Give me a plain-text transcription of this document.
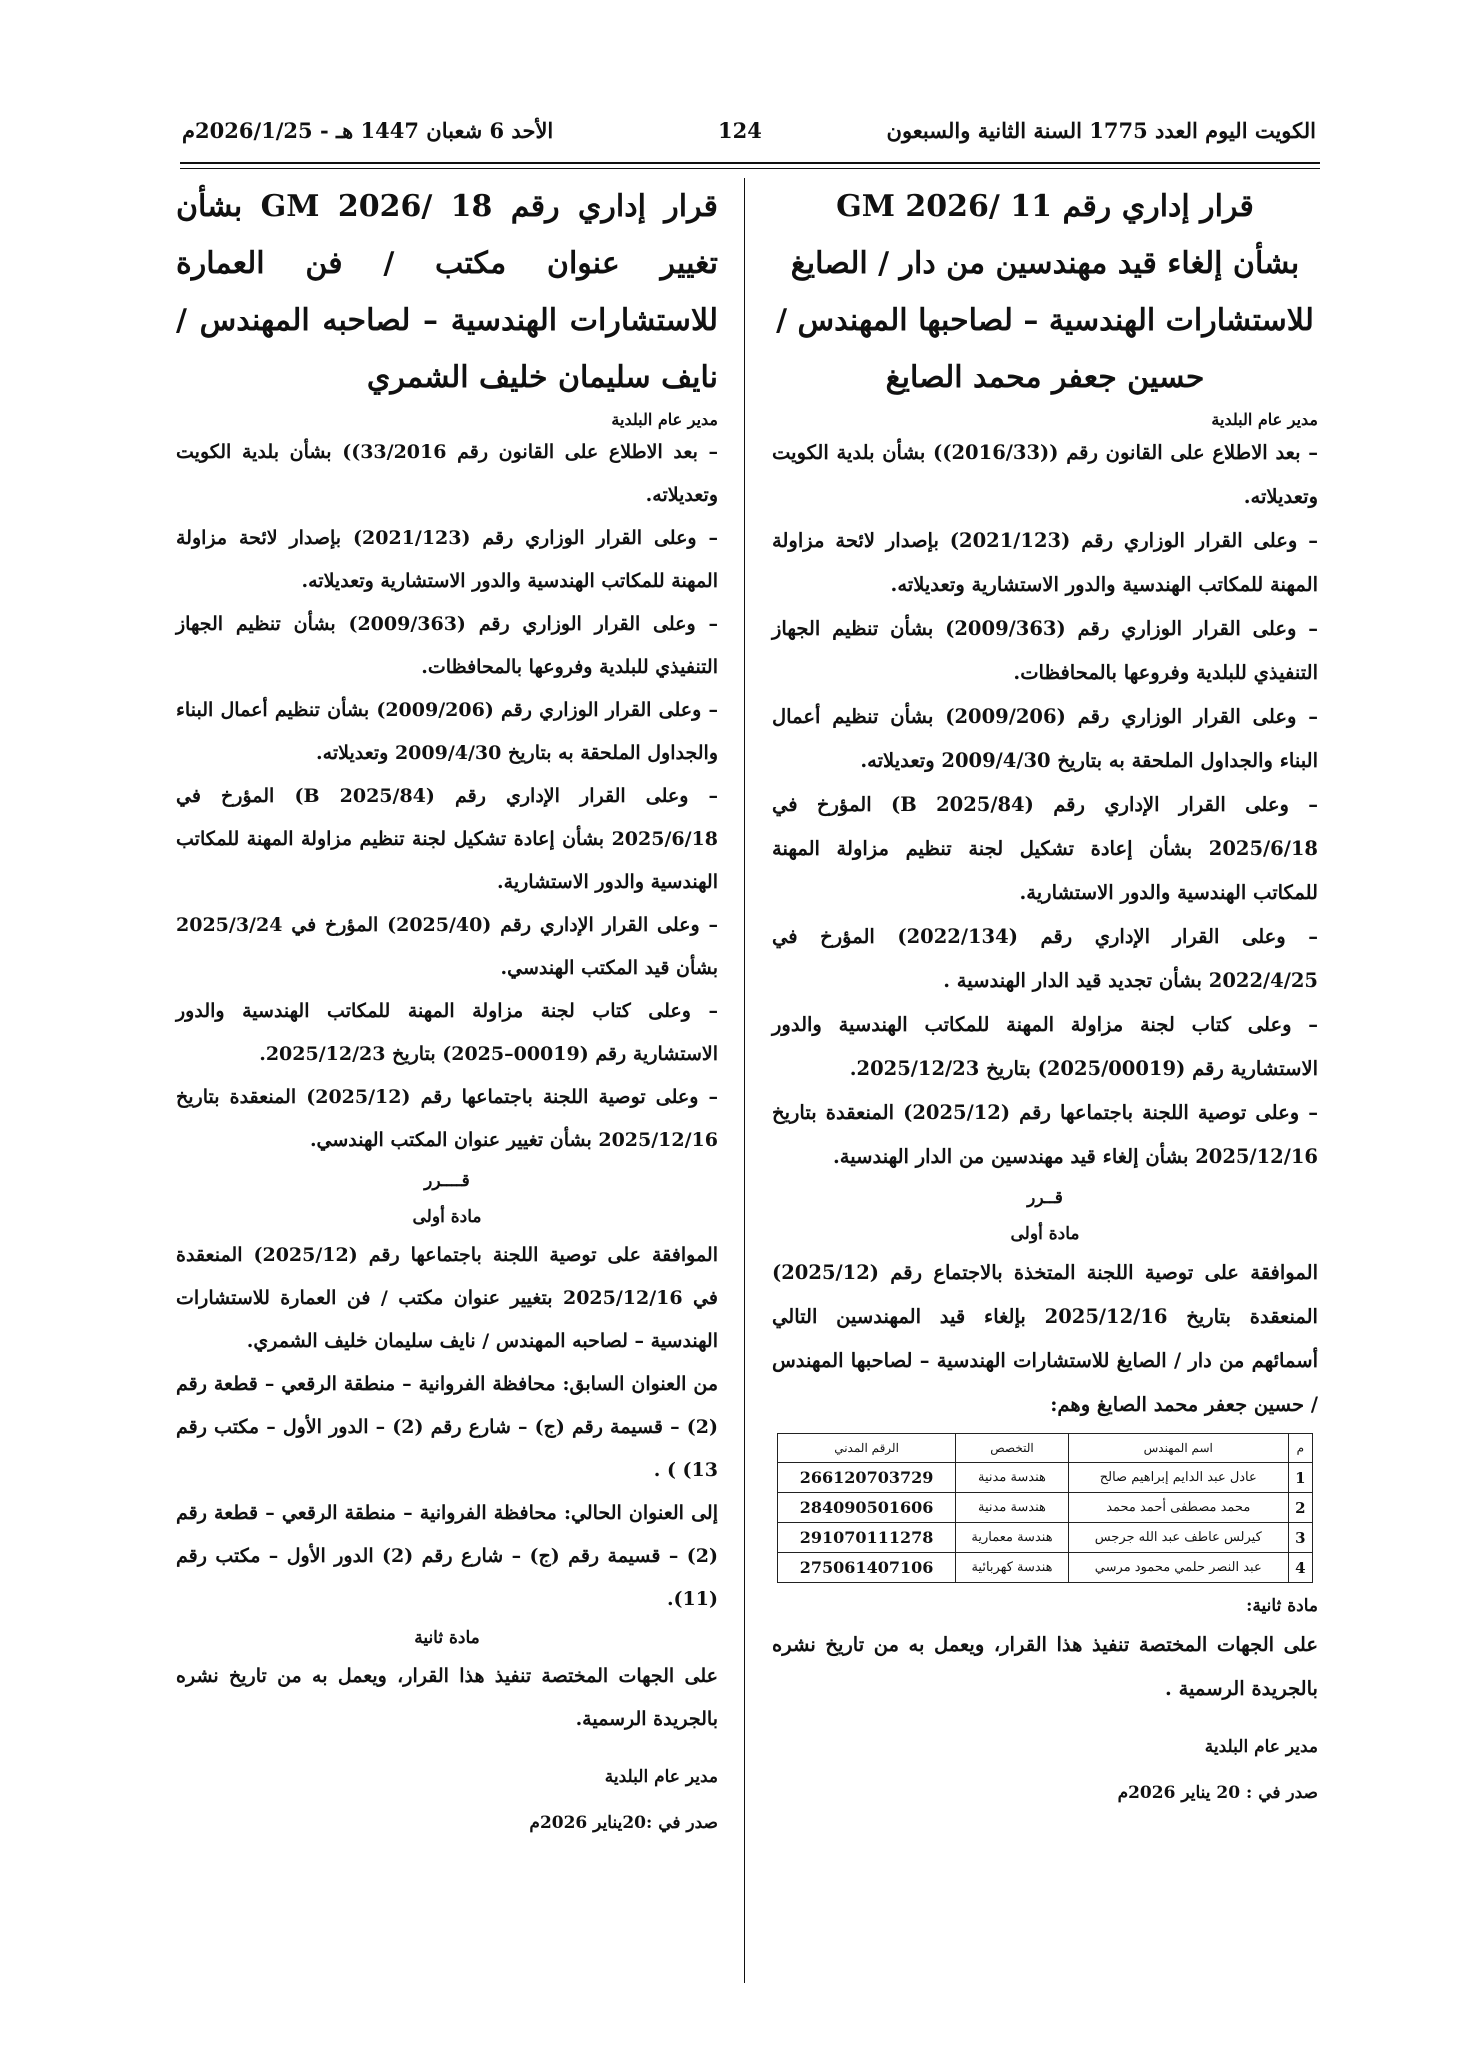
الكويت اليوم العدد 1775 السنة الثانية والسبعون
124
الأحد 6 شعبان 1447 هـ - 2026/1/25م
قرار إداري رقم 11 /GM 2026
بشأن إلغاء قيد مهندسين من دار / الصايغ
للاستشارات الهندسية – لصاحبها المهندس /
حسين جعفر محمد الصايغ
مدير عام البلدية
– بعد الاطلاع على القانون رقم ((2016/33)) بشأن بلدية الكويت وتعديلاته.
– وعلى القرار الوزاري رقم (2021/123) بإصدار لائحة مزاولة المهنة للمكاتب الهندسية والدور الاستشارية وتعديلاته.
– وعلى القرار الوزاري رقم (2009/363) بشأن تنظيم الجهاز التنفيذي للبلدية وفروعها بالمحافظات.
– وعلى القرار الوزاري رقم (2009/206) بشأن تنظيم أعمال البناء والجداول الملحقة به بتاريخ 2009/4/30 وتعديلاته.
– وعلى القرار الإداري رقم (B 2025/84) المؤرخ في 2025/6/18 بشأن إعادة تشكيل لجنة تنظيم مزاولة المهنة للمكاتب الهندسية والدور الاستشارية.
– وعلى القرار الإداري رقم (2022/134) المؤرخ في 2022/4/25 بشأن تجديد قيد الدار الهندسية .
– وعلى كتاب لجنة مزاولة المهنة للمكاتب الهندسية والدور الاستشارية رقم (2025/00019) بتاريخ 2025/12/23.
– وعلى توصية اللجنة باجتماعها رقم (2025/12) المنعقدة بتاريخ 2025/12/16 بشأن إلغاء قيد مهندسين من الدار الهندسية.
قــرر
مادة أولى
الموافقة على توصية اللجنة المتخذة بالاجتماع رقم (2025/12) المنعقدة بتاريخ 2025/12/16 بإلغاء قيد المهندسين التالي أسمائهم من دار / الصايغ للاستشارات الهندسية – لصاحبها المهندس / حسين جعفر محمد الصايغ وهم:
م	اسم المهندس	التخصص	الرقم المدني
1	عادل عبد الدايم إبراهيم صالح	هندسة مدنية	266120703729
2	محمد مصطفى أحمد محمد	هندسة مدنية	284090501606
3	كيرلس عاطف عبد الله جرجس	هندسة معمارية	291070111278
4	عبد النصر حلمي محمود مرسي	هندسة كهربائية	275061407106
مادة ثانية:
على الجهات المختصة تنفيذ هذا القرار، ويعمل به من تاريخ نشره بالجريدة الرسمية .
مدير عام البلدية
صدر في : 20 يناير 2026م
قرار إداري رقم 18 /GM 2026 بشأن تغيير عنوان مكتب / فن العمارة للاستشارات الهندسية – لصاحبه المهندس / نايف سليمان خليف الشمري
مدير عام البلدية
– بعد الاطلاع على القانون رقم 33/2016)) بشأن بلدية الكويت وتعديلاته.
– وعلى القرار الوزاري رقم (2021/123) بإصدار لائحة مزاولة المهنة للمكاتب الهندسية والدور الاستشارية وتعديلاته.
– وعلى القرار الوزاري رقم (2009/363) بشأن تنظيم الجهاز التنفيذي للبلدية وفروعها بالمحافظات.
– وعلى القرار الوزاري رقم (2009/206) بشأن تنظيم أعمال البناء والجداول الملحقة به بتاريخ 2009/4/30 وتعديلاته.
– وعلى القرار الإداري رقم (B 2025/84) المؤرخ في 2025/6/18 بشأن إعادة تشكيل لجنة تنظيم مزاولة المهنة للمكاتب الهندسية والدور الاستشارية.
– وعلى القرار الإداري رقم (2025/40) المؤرخ في 2025/3/24 بشأن قيد المكتب الهندسي.
– وعلى كتاب لجنة مزاولة المهنة للمكاتب الهندسية والدور الاستشارية رقم (00019–2025) بتاريخ 2025/12/23.
– وعلى توصية اللجنة باجتماعها رقم (2025/12) المنعقدة بتاريخ 2025/12/16 بشأن تغيير عنوان المكتب الهندسي.
قــــرر
مادة أولى
الموافقة على توصية اللجنة باجتماعها رقم (2025/12) المنعقدة في 2025/12/16 بتغيير عنوان مكتب / فن العمارة للاستشارات الهندسية – لصاحبه المهندس / نايف سليمان خليف الشمري.
من العنوان السابق: محافظة الفروانية – منطقة الرقعي – قطعة رقم (2) – قسيمة رقم (ج) – شارع رقم (2) – الدور الأول – مكتب رقم 13) ) .
إلى العنوان الحالي: محافظة الفروانية – منطقة الرقعي – قطعة رقم (2) – قسيمة رقم (ج) – شارع رقم (2) الدور الأول – مكتب رقم (11).
مادة ثانية
على الجهات المختصة تنفيذ هذا القرار، ويعمل به من تاريخ نشره بالجريدة الرسمية.
مدير عام البلدية
صدر في :20يناير 2026م
